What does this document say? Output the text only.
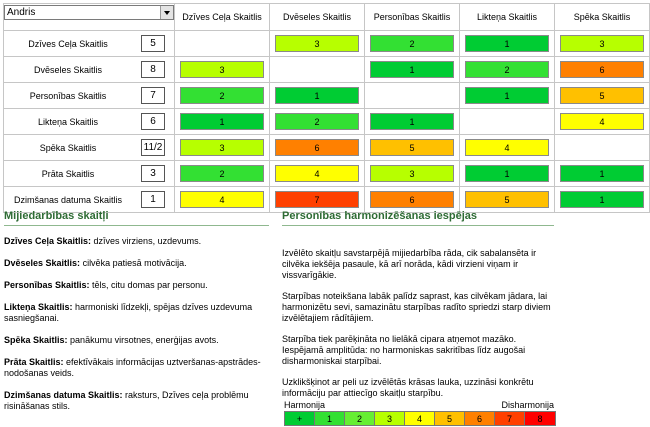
Andris	Dzīves Ceļa Skaitlis	Dvēseles Skaitlis	Personības Skaitlis	Likteņa Skaitlis	Spēka Skaitlis

Dzīves Ceļa Skaitlis 5		3	2	1	3

Dvēseles Skaitlis 8	3		1	2	6

Personības Skaitlis 7	2	1		1	5

Likteņa Skaitlis 6	1	2	1		4

Spēka Skaitlis 11/2	3	6	5	4	

Prāta Skaitlis 3	2	4	3	1	1

Dzimšanas datuma Skaitlis 1	4	7	6	5	1
Mijiedarbības skaitļi
Dzīves Ceļa Skaitlis: dzīves virziens, uzdevums.
Dvēseles Skaitlis: cilvēka patiesā motivācija.
Personības Skaitlis: tēls, citu domas par personu.
Likteņa Skaitlis: harmoniski līdzekļi, spējas dzīves uzdevuma sasniegšanai.
Spēka Skaitlis: panākumu virsotnes, enerģijas avots.
Prāta Skaitlis: efektīvākais informācijas uztveršanas-apstrādes-nodošanas veids.
Dzimšanas datuma Skaitlis: raksturs, Dzīves ceļa problēmu risināšanas stils.
Personības harmonizēšanas iespējas

Izvēlēto skaitļu savstarpējā mijiedarbība rāda, cik sabalansēta ir cilvēka iekšēja pasaule, kā arī norāda, kādi virzieni viņam ir vissvarīgākie.

Starpības noteikšana labāk palīdz saprast, kas cilvēkam jādara, lai harmonizētu sevi, samazinātu starpības radīto spriedzi starp diviem izvēlētajiem rādītājiem.

Starpība tiek parēķināta no lielākā cipara atņemot mazāko. Iespējamā amplitūda: no harmoniskas sakritības līdz augošai disharmoniskai starpībai.

Uzklikšķinot ar peli uz izvēlētās krāsas lauka, uzzināsi konkrētu informāciju par attiecīgo skaitļu starpību.

Harmonija	Disharmonija
+	1	2	3	4	5	6	7	8
